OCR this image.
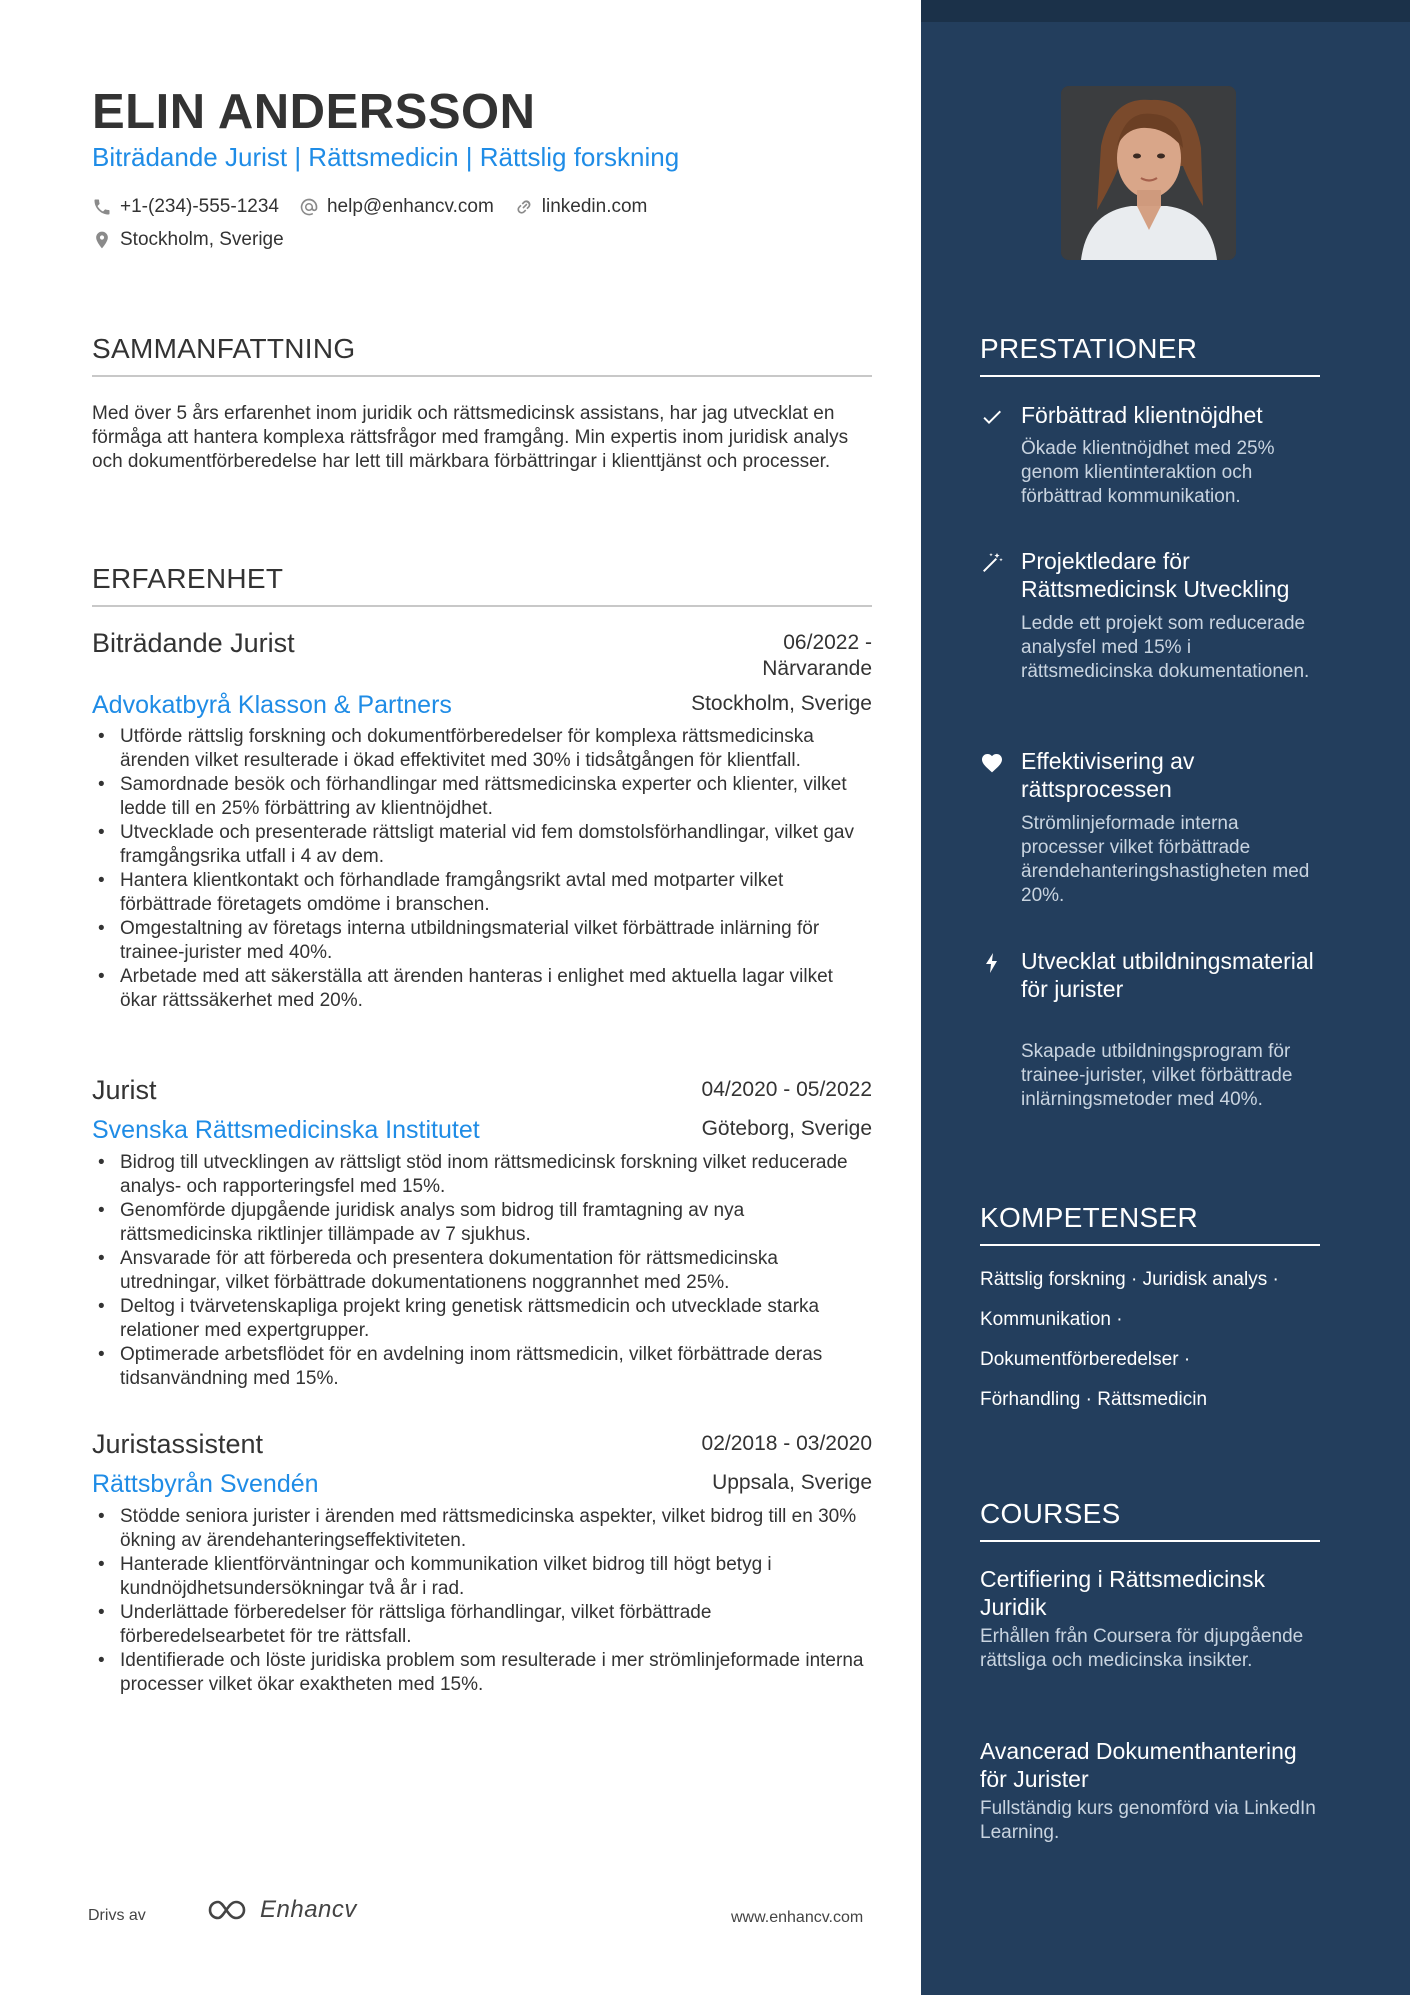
ELIN ANDERSSON
Biträdande Jurist | Rättsmedicin | Rättslig forskning
+1-(234)-555-1234	help@enhancv.com	linkedin.com
Stockholm, Sverige
SAMMANFATTNING
Med över 5 års erfarenhet inom juridik och rättsmedicinsk assistans, har jag utvecklat en förmåga att hantera komplexa rättsfrågor med framgång. Min expertis inom juridisk analys och dokumentförberedelse har lett till märkbara förbättringar i klienttjänst och processer.
ERFARENHET
Biträdande Jurist	06/2022 - Närvarande
Advokatbyrå Klasson & Partners	Stockholm, Sverige
• Utförde rättslig forskning och dokumentförberedelser för komplexa rättsmedicinska ärenden vilket resulterade i ökad effektivitet med 30% i tidsåtgången för klientfall.
• Samordnade besök och förhandlingar med rättsmedicinska experter och klienter, vilket ledde till en 25% förbättring av klientnöjdhet.
• Utvecklade och presenterade rättsligt material vid fem domstolsförhandlingar, vilket gav framgångsrika utfall i 4 av dem.
• Hantera klientkontakt och förhandlade framgångsrikt avtal med motparter vilket förbättrade företagets omdöme i branschen.
• Omgestaltning av företags interna utbildningsmaterial vilket förbättrade inlärning för trainee-jurister med 40%.
• Arbetade med att säkerställa att ärenden hanteras i enlighet med aktuella lagar vilket ökar rättssäkerhet med 20%.
Jurist	04/2020 - 05/2022
Svenska Rättsmedicinska Institutet	Göteborg, Sverige
• Bidrog till utvecklingen av rättsligt stöd inom rättsmedicinsk forskning vilket reducerade analys- och rapporteringsfel med 15%.
• Genomförde djupgående juridisk analys som bidrog till framtagning av nya rättsmedicinska riktlinjer tillämpade av 7 sjukhus.
• Ansvarade för att förbereda och presentera dokumentation för rättsmedicinska utredningar, vilket förbättrade dokumentationens noggrannhet med 25%.
• Deltog i tvärvetenskapliga projekt kring genetisk rättsmedicin och utvecklade starka relationer med expertgrupper.
• Optimerade arbetsflödet för en avdelning inom rättsmedicin, vilket förbättrade deras tidsanvändning med 15%.
Juristassistent	02/2018 - 03/2020
Rättsbyrån Svendén	Uppsala, Sverige
• Stödde seniora jurister i ärenden med rättsmedicinska aspekter, vilket bidrog till en 30% ökning av ärendehanteringseffektiviteten.
• Hanterade klientförväntningar och kommunikation vilket bidrog till högt betyg i kundnöjdhetsundersökningar två år i rad.
• Underlättade förberedelser för rättsliga förhandlingar, vilket förbättrade förberedelsearbetet för tre rättsfall.
• Identifierade och löste juridiska problem som resulterade i mer strömlinjeformade interna processer vilket ökar exaktheten med 15%.
Drivs av	Enhancv	www.enhancv.com
PRESTATIONER
Förbättrad klientnöjdhet
Ökade klientnöjdhet med 25% genom klientinteraktion och förbättrad kommunikation.
Projektledare för Rättsmedicinsk Utveckling
Ledde ett projekt som reducerade analysfel med 15% i rättsmedicinska dokumentationen.
Effektivisering av rättsprocessen
Strömlinjeformade interna processer vilket förbättrade ärendehanteringshastigheten med 20%.
Utvecklat utbildningsmaterial för jurister
Skapade utbildningsprogram för trainee-jurister, vilket förbättrade inlärningsmetoder med 40%.
KOMPETENSER
Rättslig forskning · Juridisk analys ·
Kommunikation ·
Dokumentförberedelser ·
Förhandling · Rättsmedicin
COURSES
Certifiering i Rättsmedicinsk Juridik
Erhållen från Coursera för djupgående rättsliga och medicinska insikter.
Avancerad Dokumenthantering för Jurister
Fullständig kurs genomförd via LinkedIn Learning.
